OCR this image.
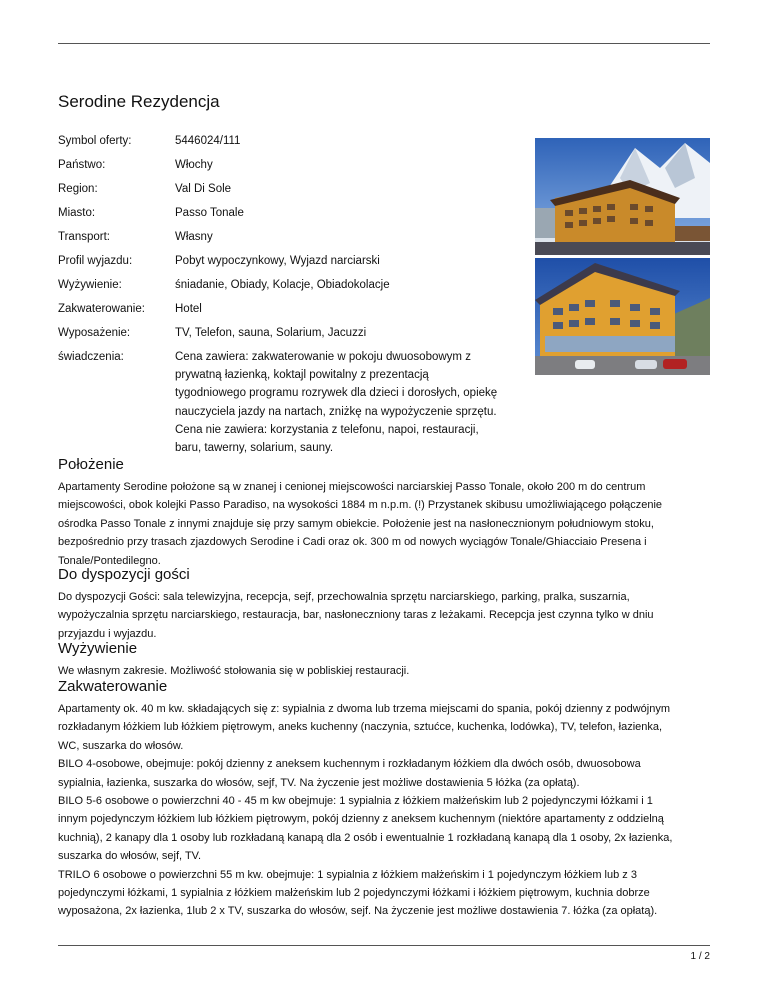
Serodine Rezydencja
Symbol oferty:	5446024/111
Państwo:	Włochy
Region:	Val Di Sole
Miasto:	Passo Tonale
Transport:	Własny
Profil wyjazdu:	Pobyt wypoczynkowy, Wyjazd narciarski
Wyżywienie:	śniadanie, Obiady, Kolacje, Obiadokolacje
Zakwaterowanie:	Hotel
Wyposażenie:	TV, Telefon, sauna, Solarium, Jacuzzi
świadczenia:	Cena zawiera: zakwaterowanie w pokoju dwuosobowym z
prywatną łazienką, koktajl powitalny z prezentacją
tygodniowego programu rozrywek dla dzieci i dorosłych, opiekę
nauczyciela jazdy na nartach, zniżkę na wypożyczenie sprzętu.
Cena nie zawiera: korzystania z telefonu, napoi, restauracji,
baru, tawerny, solarium, sauny.
Położenie

Apartamenty Serodine położone są w znanej i cenionej miejscowości narciarskiej Passo Tonale, około 200 m do centrum
miejscowości, obok kolejki Passo Paradiso, na wysokości 1884 m n.p.m. (!) Przystanek skibusu umożliwiającego połączenie
ośrodka Passo Tonale z innymi znajduje się przy samym obiekcie. Położenie jest na nasłonecznionym południowym stoku,
bezpośrednio przy trasach zjazdowych Serodine i Cadi oraz ok. 300 m od nowych wyciągów Tonale/Ghiacciaio Presena i
Tonale/Pontedilegno.

Do dyspozycji gości

Do dyspozycji Gości: sala telewizyjna, recepcja, sejf, przechowalnia sprzętu narciarskiego, parking, pralka, suszarnia,
wypożyczalnia sprzętu narciarskiego, restauracja, bar, nasłoneczniony taras z leżakami. Recepcja jest czynna tylko w dniu
przyjazdu i wyjazdu.

Wyżywienie

We własnym zakresie. Możliwość stołowania się w pobliskiej restauracji.

Zakwaterowanie

Apartamenty ok. 40 m kw. składających się z: sypialnia z dwoma lub trzema miejscami do spania, pokój dzienny z podwójnym
rozkładanym łóżkiem lub łóżkiem piętrowym, aneks kuchenny (naczynia, sztućce, kuchenka, lodówka), TV, telefon, łazienka,
WC, suszarka do włosów.
BILO 4-osobowe, obejmuje: pokój dzienny z aneksem kuchennym i rozkładanym łóżkiem dla dwóch osób, dwuosobowa
sypialnia, łazienka, suszarka do włosów, sejf, TV. Na życzenie jest możliwe dostawienia 5 łóżka (za opłatą).
BILO 5-6 osobowe o powierzchni 40 - 45 m kw obejmuje: 1 sypialnia z łóżkiem małżeńskim lub 2 pojedynczymi łóżkami i 1
innym pojedynczym łóżkiem lub łóżkiem piętrowym, pokój dzienny z aneksem kuchennym (niektóre apartamenty z oddzielną
kuchnią), 2 kanapy dla 1 osoby lub rozkładaną kanapą dla 2 osób i ewentualnie 1 rozkładaną kanapą dla 1 osoby, 2x łazienka,
suszarka do włosów, sejf, TV.
TRILO 6 osobowe o powierzchni 55 m kw. obejmuje: 1 sypialnia z łóżkiem małżeńskim i 1 pojedynczym łóżkiem lub z 3
pojedynczymi łóżkami, 1 sypialnia z łóżkiem małżeńskim lub 2 pojedynczymi łóżkami i łóżkiem piętrowym, kuchnia dobrze
wyposażona, 2x łazienka, 1lub 2 x TV, suszarka do włosów, sejf. Na życzenie jest możliwe dostawienia 7. łóżka (za opłatą).

1 / 2
